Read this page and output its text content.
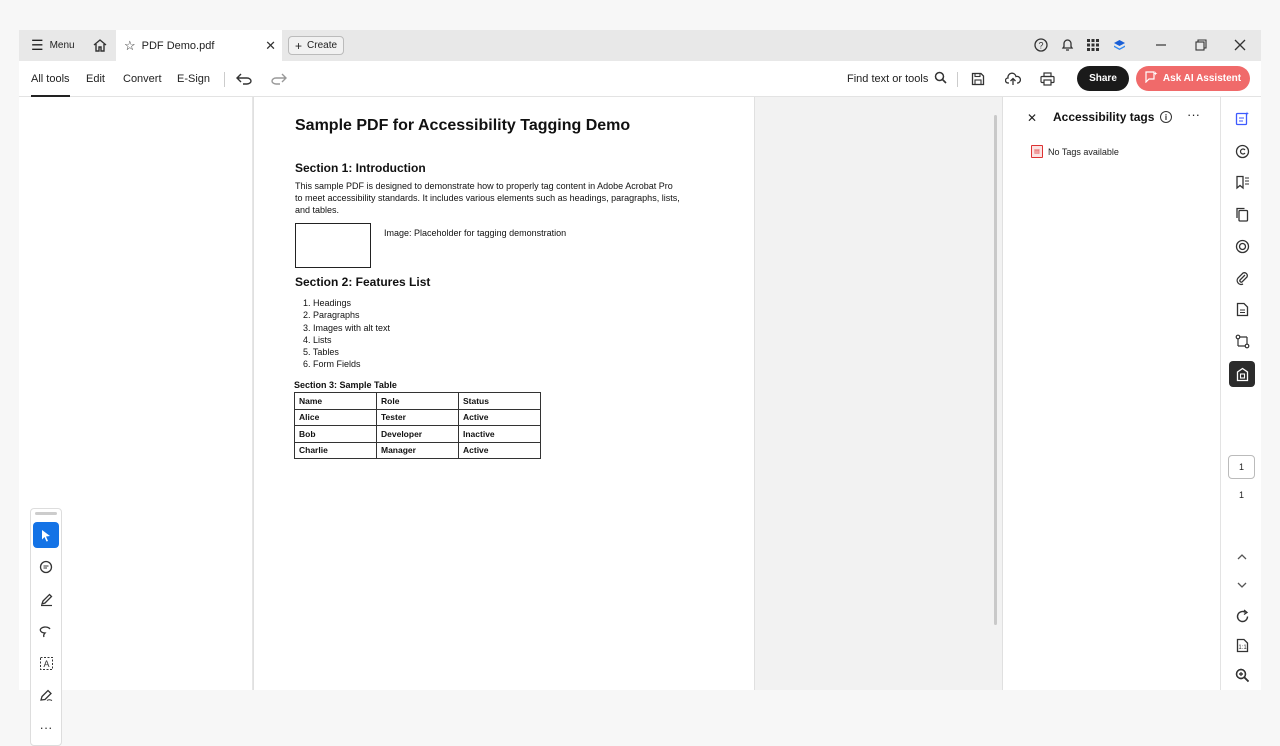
☰ Menu	☆ PDF Demo.pdf	✕ + Create	?
All tools Edit Convert E-Sign	Find text or tools	Share	Ask AI Assistent
A
···
Sample PDF for Accessibility Tagging Demo
Section 1: Introduction

This sample PDF is designed to demonstrate how to properly tag content in Adobe Acrobat Pro

to meet accessibility standards. It includes various elements such as headings, paragraphs, lists,

and tables.

Image: Placeholder for tagging demonstration
Section 2: Features List
1. Headings
2. Paragraphs
3. Images with alt text
4. Lists
5. Tables
6. Form Fields
Section 3: Sample Table
Name	Role	Status
Alice	Tester	Active
Bob	Developer	Inactive
Charlie	Manager	Active
✕ Accessibility tags	i	···
▤ No Tags available
1
1
1:1
